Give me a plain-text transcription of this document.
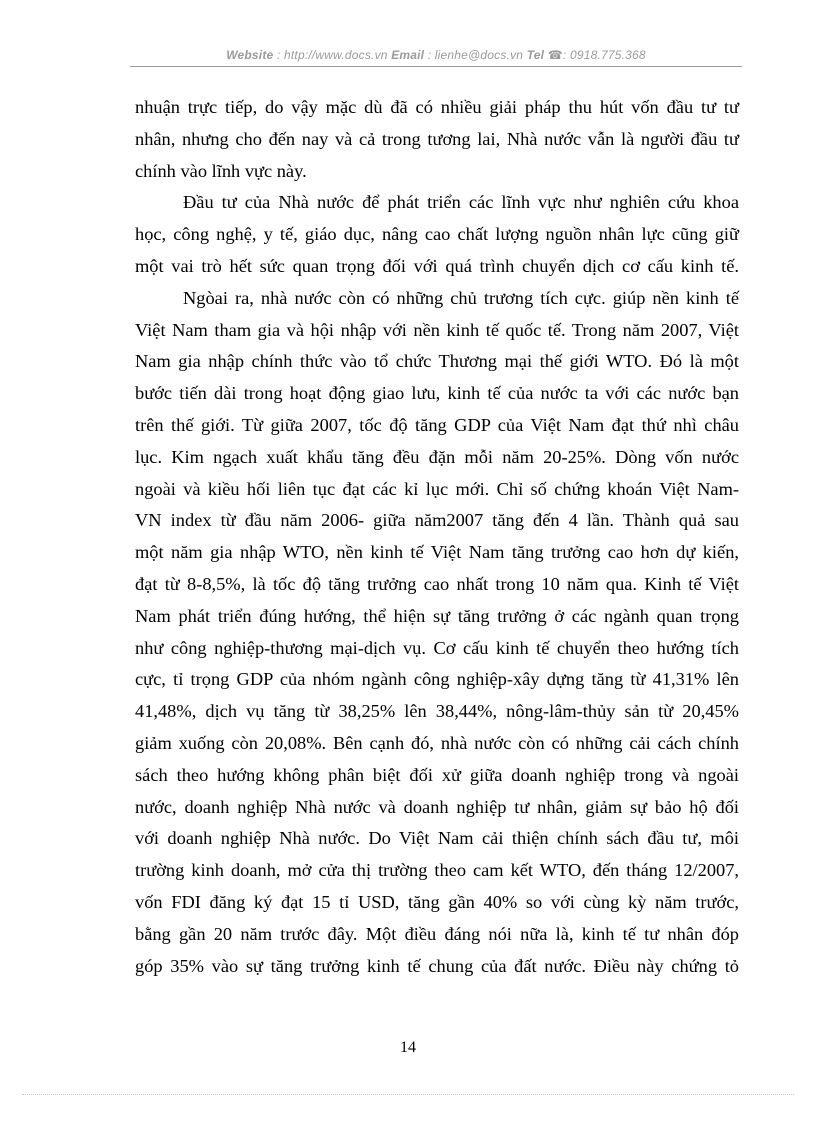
Website : http://www.docs.vn Email : lienhe@docs.vn Tel ☎: 0918.775.368
nhuận trực tiếp, do vậy mặc dù đã có nhiều giải pháp thu hút vốn đầu tư tư
nhân, nhưng cho đến nay và cả trong tương lai, Nhà nước vẫn là người đầu tư
chính vào lĩnh vực này.
Đầu tư của Nhà nước để phát triển các lĩnh vực như nghiên cứu khoa
học, công nghệ, y tế, giáo dục, nâng cao chất lượng nguồn nhân lực cũng giữ
một vai trò hết sức quan trọng đối với quá trình chuyển dịch cơ cấu kinh tế.
Ngòai ra, nhà nước còn có những chủ trương tích cực. giúp nền kinh tế
Việt Nam tham gia và hội nhập với nền kinh tế quốc tế. Trong năm 2007, Việt
Nam gia nhập chính thức vào tổ chức Thương mại thế giới WTO. Đó là một
bước tiến dài trong hoạt động giao lưu, kinh tế của nước ta với các nước bạn
trên thế giới. Từ giữa 2007, tốc độ tăng GDP của Việt Nam đạt thứ nhì châu
lục. Kim ngạch xuất khẩu tăng đều đặn mỗi năm 20-25%. Dòng vốn nước
ngoài và kiều hối liên tục đạt các kỉ lục mới. Chỉ số chứng khoán Việt Nam-
VN index từ đầu năm 2006- giữa năm2007 tăng đến 4 lần. Thành quả sau
một năm gia nhập WTO, nền kinh tế Việt Nam tăng trưởng cao hơn dự kiến,
đạt từ 8-8,5%, là tốc độ tăng trưởng cao nhất trong 10 năm qua. Kinh tế Việt
Nam phát triển đúng hướng, thể hiện sự tăng trưởng ở các ngành quan trọng
như công nghiệp-thương mại-dịch vụ. Cơ cấu kinh tế chuyển theo hướng tích
cực, tỉ trọng GDP của nhóm ngành công nghiệp-xây dựng tăng từ 41,31% lên
41,48%, dịch vụ tăng từ 38,25% lên 38,44%, nông-lâm-thủy sản từ 20,45%
giảm xuống còn 20,08%. Bên cạnh đó, nhà nước còn có những cải cách chính
sách theo hướng không phân biệt đối xử giữa doanh nghiệp trong và ngoài
nước, doanh nghiệp Nhà nước và doanh nghiệp tư nhân, giảm sự bảo hộ đối
với doanh nghiệp Nhà nước. Do Việt Nam cải thiện chính sách đầu tư, môi
trường kinh doanh, mở cửa thị trường theo cam kết WTO, đến tháng 12/2007,
vốn FDI đăng ký đạt 15 tỉ USD, tăng gần 40% so với cùng kỳ năm trước,
bằng gần 20 năm trước đây. Một điều đáng nói nữa là, kinh tế tư nhân đóp
góp 35% vào sự tăng trưởng kinh tế chung của đất nước. Điều này chứng tỏ
14
